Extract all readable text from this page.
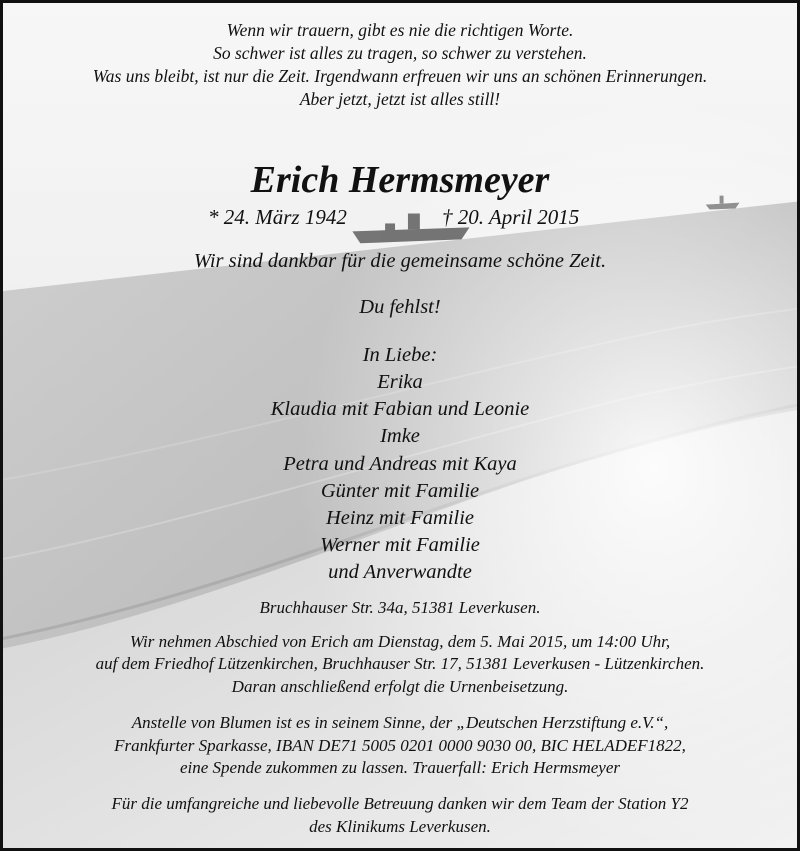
Wenn wir trauern, gibt es nie die richtigen Worte.
So schwer ist alles zu tragen, so schwer zu verstehen.
Was uns bleibt, ist nur die Zeit. Irgendwann erfreuen wir uns an schönen Erinnerungen.
Aber jetzt, jetzt ist alles still!
Erich Hermsmeyer
* 24. März 1942	† 20. April 2015
Wir sind dankbar für die gemeinsame schöne Zeit.
Du fehlst!
In Liebe:
Erika
Klaudia mit Fabian und Leonie
Imke
Petra und Andreas mit Kaya
Günter mit Familie
Heinz mit Familie
Werner mit Familie
und Anverwandte
Bruchhauser Str. 34a, 51381 Leverkusen.
Wir nehmen Abschied von Erich am Dienstag, dem 5. Mai 2015, um 14:00 Uhr,
auf dem Friedhof Lützenkirchen, Bruchhauser Str. 17, 51381 Leverkusen - Lützenkirchen.
Daran anschließend erfolgt die Urnenbeisetzung.
Anstelle von Blumen ist es in seinem Sinne, der „Deutschen Herzstiftung e.V.“,
Frankfurter Sparkasse, IBAN DE71 5005 0201 0000 9030 00, BIC HELADEF1822,
eine Spende zukommen zu lassen. Trauerfall: Erich Hermsmeyer
Für die umfangreiche und liebevolle Betreuung danken wir dem Team der Station Y2
des Klinikums Leverkusen.
